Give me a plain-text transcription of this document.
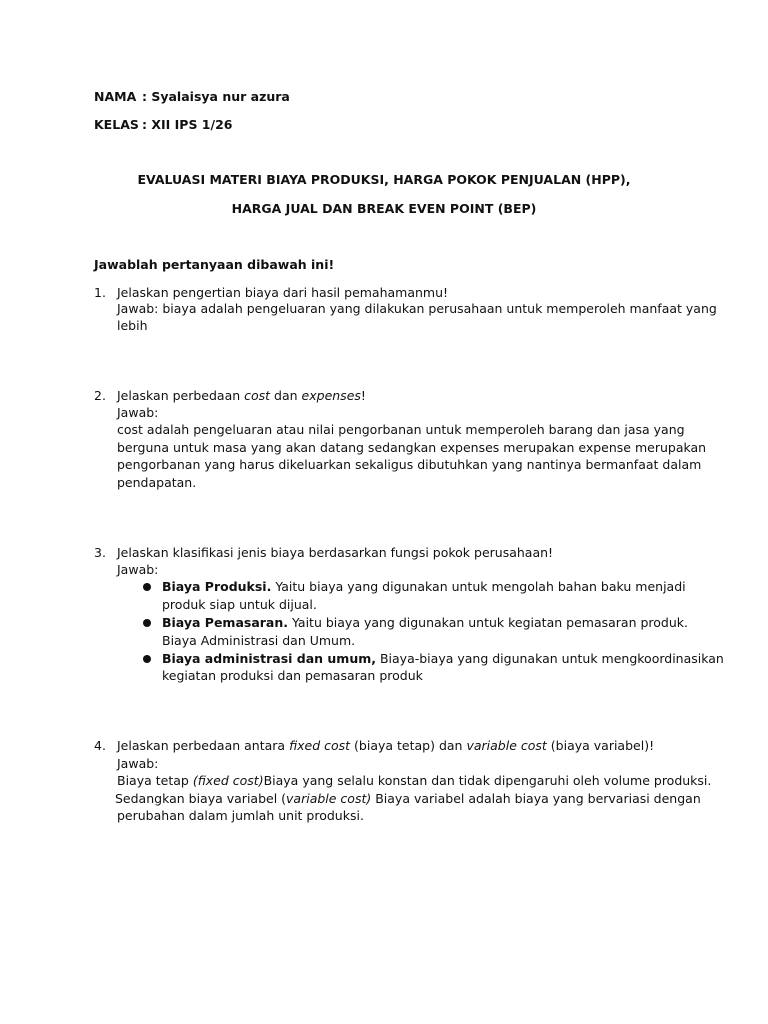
NAMA : Syalaisya nur azura
KELAS : XII IPS 1/26
EVALUASI MATERI BIAYA PRODUKSI, HARGA POKOK PENJUALAN (HPP),
HARGA JUAL DAN BREAK EVEN POINT (BEP)
Jawablah pertanyaan dibawah ini!
1. Jelaskan pengertian biaya dari hasil pemahamanmu!
Jawab: biaya adalah pengeluaran yang dilakukan perusahaan untuk memperoleh manfaat yang
lebih
2. Jelaskan perbedaan cost dan expenses!
Jawab:
cost adalah pengeluaran atau nilai pengorbanan untuk memperoleh barang dan jasa yang
berguna untuk masa yang akan datang sedangkan expenses merupakan expense merupakan
pengorbanan yang harus dikeluarkan sekaligus dibutuhkan yang nantinya bermanfaat dalam
pendapatan.
3. Jelaskan klasifikasi jenis biaya berdasarkan fungsi pokok perusahaan!
Jawab:
Biaya Produksi. Yaitu biaya yang digunakan untuk mengolah bahan baku menjadi
produk siap untuk dijual.
Biaya Pemasaran. Yaitu biaya yang digunakan untuk kegiatan pemasaran produk.
Biaya Administrasi dan Umum.
Biaya administrasi dan umum, Biaya-biaya yang digunakan untuk mengkoordinasikan
kegiatan produksi dan pemasaran produk
4. Jelaskan perbedaan antara fixed cost (biaya tetap) dan variable cost (biaya variabel)!
Jawab:
Biaya tetap (fixed cost)Biaya yang selalu konstan dan tidak dipengaruhi oleh volume produksi.
Sedangkan biaya variabel (variable cost) Biaya variabel adalah biaya yang bervariasi dengan
perubahan dalam jumlah unit produksi.
